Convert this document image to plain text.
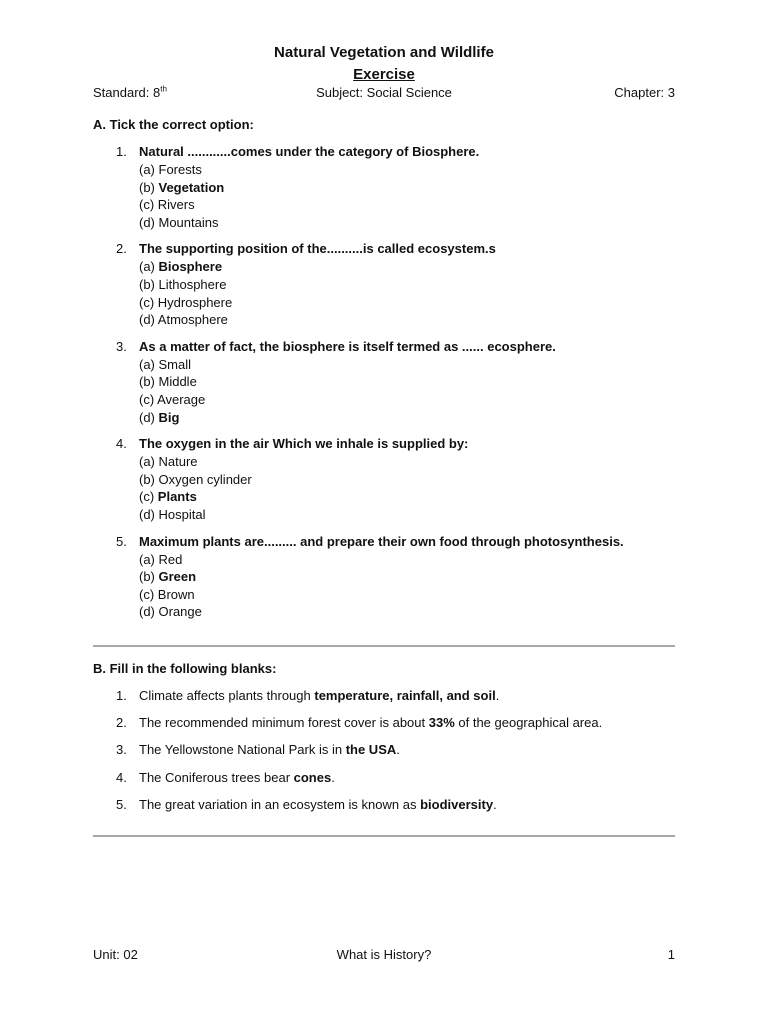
Natural Vegetation and Wildlife
Exercise
Standard: 8th	Subject: Social Science	Chapter: 3
A. Tick the correct option:
1. Natural ............comes under the category of Biosphere.
(a) Forests
(b) Vegetation
(c) Rivers
(d) Mountains
2. The supporting position of the..........is called ecosystem.s
(a) Biosphere
(b) Lithosphere
(c) Hydrosphere
(d) Atmosphere
3. As a matter of fact, the biosphere is itself termed as ...... ecosphere.
(a) Small
(b) Middle
(c) Average
(d) Big
4. The oxygen in the air Which we inhale is supplied by:
(a) Nature
(b) Oxygen cylinder
(c) Plants
(d) Hospital
5. Maximum plants are......... and prepare their own food through photosynthesis.
(a) Red
(b) Green
(c) Brown
(d) Orange
B. Fill in the following blanks:
1. Climate affects plants through temperature, rainfall, and soil.
2. The recommended minimum forest cover is about 33% of the geographical area.
3. The Yellowstone National Park is in the USA.
4. The Coniferous trees bear cones.
5. The great variation in an ecosystem is known as biodiversity.
Unit: 02	What is History?	1
